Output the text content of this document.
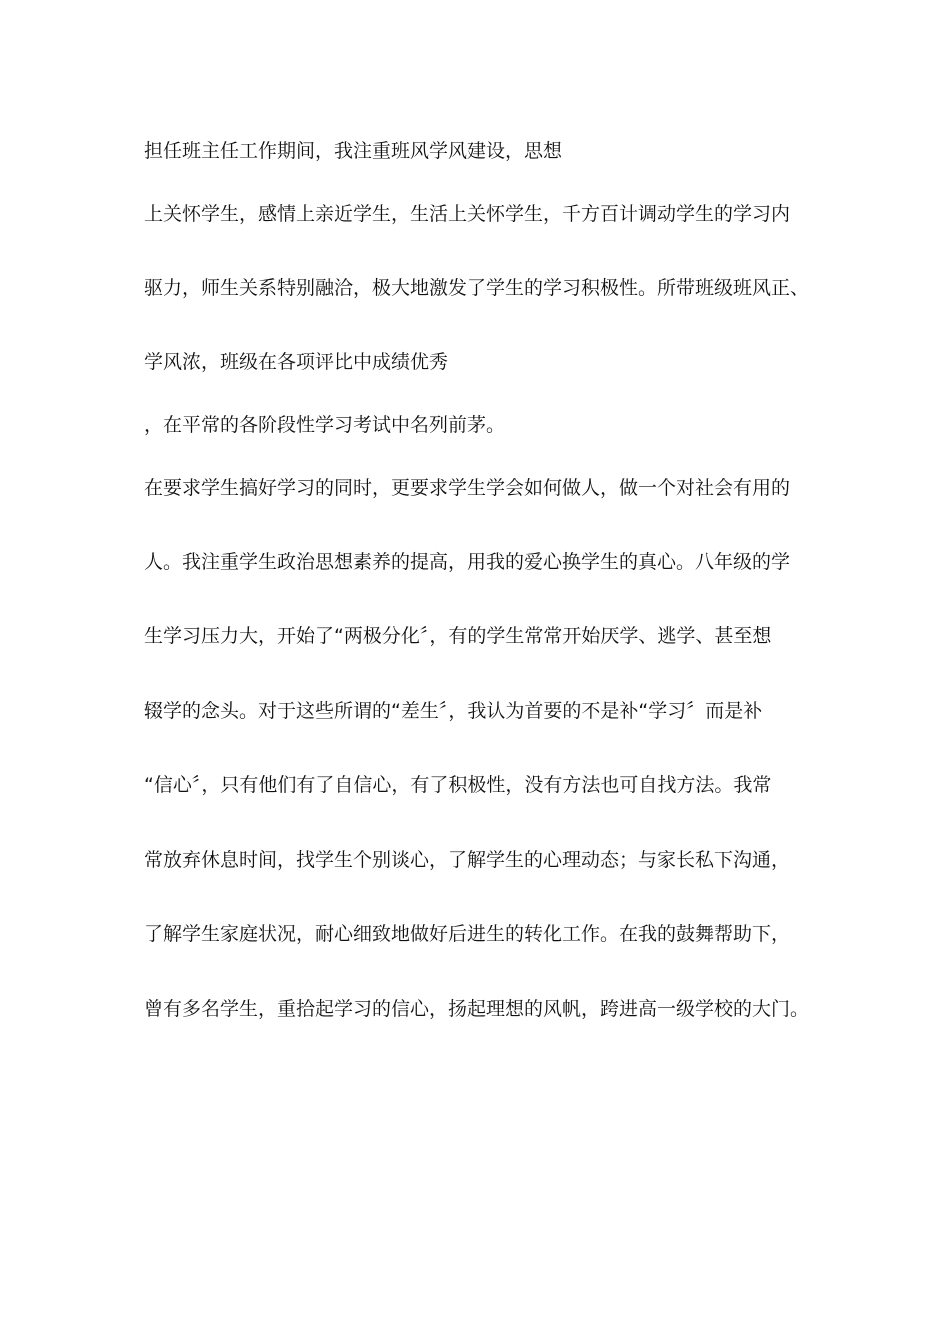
担任班主任工作期间，我注重班风学风建设，思想
上关怀学生，感情上亲近学生，生活上关怀学生，千方百计调动学生的学习内
驱力，师生关系特别融洽，极大地激发了学生的学习积极性。所带班级班风正、
学风浓，班级在各项评比中成绩优秀
，在平常的各阶段性学习考试中名列前茅。
在要求学生搞好学习的同时，更要求学生学会如何做人，做一个对社会有用的
人。我注重学生政治思想素养的提高，用我的爱心换学生的真心。八年级的学
生学习压力大，开始了“两极分化〞，有的学生常常开始厌学、逃学、甚至想
辍学的念头。对于这些所谓的“差生〞，我认为首要的不是补“学习〞而是补
“信心〞，只有他们有了自信心，有了积极性，没有方法也可自找方法。我常
常放弃休息时间，找学生个别谈心，了解学生的心理动态；与家长私下沟通，
了解学生家庭状况，耐心细致地做好后进生的转化工作。在我的鼓舞帮助下，
曾有多名学生，重拾起学习的信心，扬起理想的风帆，跨进高一级学校的大门。
